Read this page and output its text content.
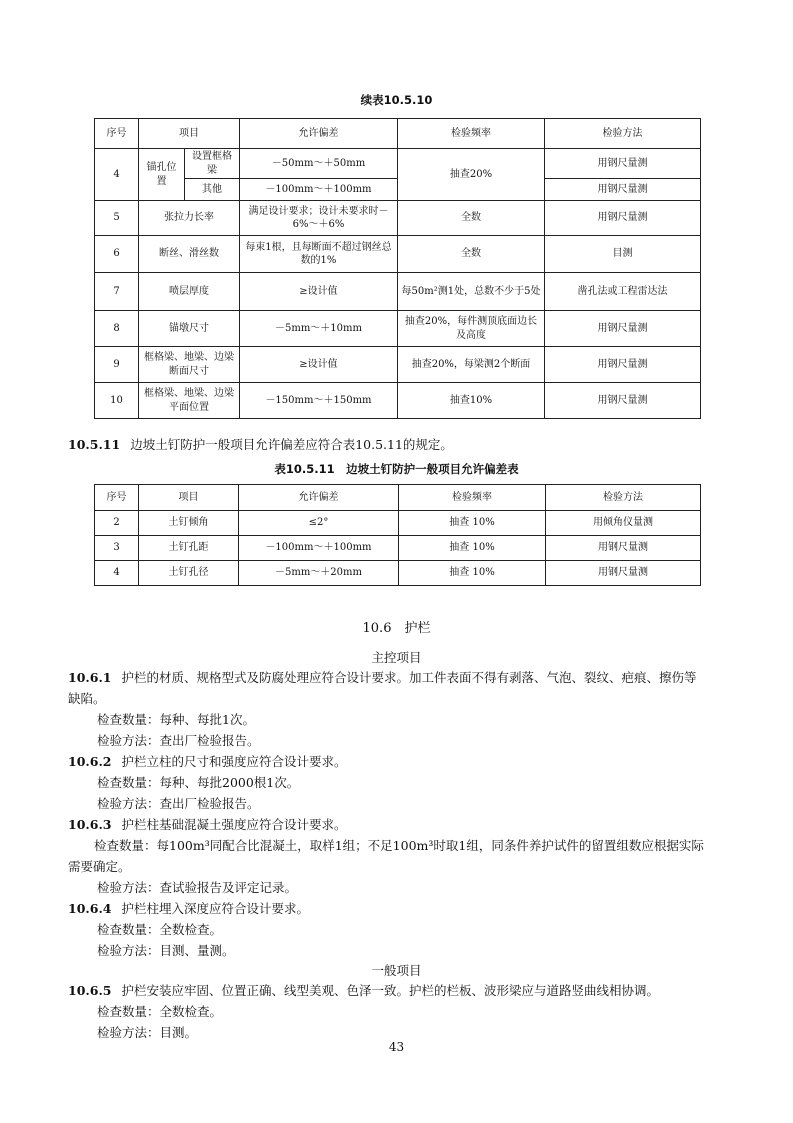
续表10.5.10
序号	项目		允许偏差	检验频率	检验方法
4	锚孔位置	设置框格梁	－50mm～＋50mm	抽查20%	用钢尺量测
		其他	－100mm～＋100mm		用钢尺量测
5	张拉力长率		满足设计要求；设计未要求时－6%～＋6%	全数	用钢尺量测
6	断丝、滑丝数		每束1根，且每断面不超过钢丝总数的1%	全数	目测
7	喷层厚度		≥设计值	每50m²测1处，总数不少于5处	凿孔法或工程雷达法
8	锚墩尺寸		－5mm～＋10mm	抽查20%，每件测顶底面边长及高度	用钢尺量测
9	框格梁、地梁、边梁断面尺寸		≥设计值	抽查20%，每梁测2个断面	用钢尺量测
10	框格梁、地梁、边梁平面位置		－150mm～＋150mm	抽查10%	用钢尺量测
10.5.11 边坡土钉防护一般项目允许偏差应符合表10.5.11的规定。
表10.5.11　边坡土钉防护一般项目允许偏差表
序号	项目	允许偏差	检验频率	检验方法
2	土钉倾角	≤2°	抽查 10%	用倾角仪量测
3	土钉孔距	－100mm～＋100mm	抽查 10%	用钢尺量测
4	土钉孔径	－5mm～＋20mm	抽查 10%	用钢尺量测
10.6　护栏
主控项目
10.6.1 护栏的材质、规格型式及防腐处理应符合设计要求。加工件表面不得有剥落、气泡、裂纹、疤痕、擦伤等
缺陷。
检查数量：每种、每批1次。
检验方法：查出厂检验报告。
10.6.2 护栏立柱的尺寸和强度应符合设计要求。
检查数量：每种、每批2000根1次。
检验方法：查出厂检验报告。
10.6.3 护栏柱基础混凝土强度应符合设计要求。
检查数量：每100m³同配合比混凝土，取样1组；不足100m³时取1组，同条件养护试件的留置组数应根据实际
需要确定。
检验方法：查试验报告及评定记录。
10.6.4 护栏柱埋入深度应符合设计要求。
检查数量：全数检查。
检验方法：目测、量测。
一般项目
10.6.5 护栏安装应牢固、位置正确、线型美观、色泽一致。护栏的栏板、波形梁应与道路竖曲线相协调。
检查数量：全数检查。
检验方法：目测。
43
